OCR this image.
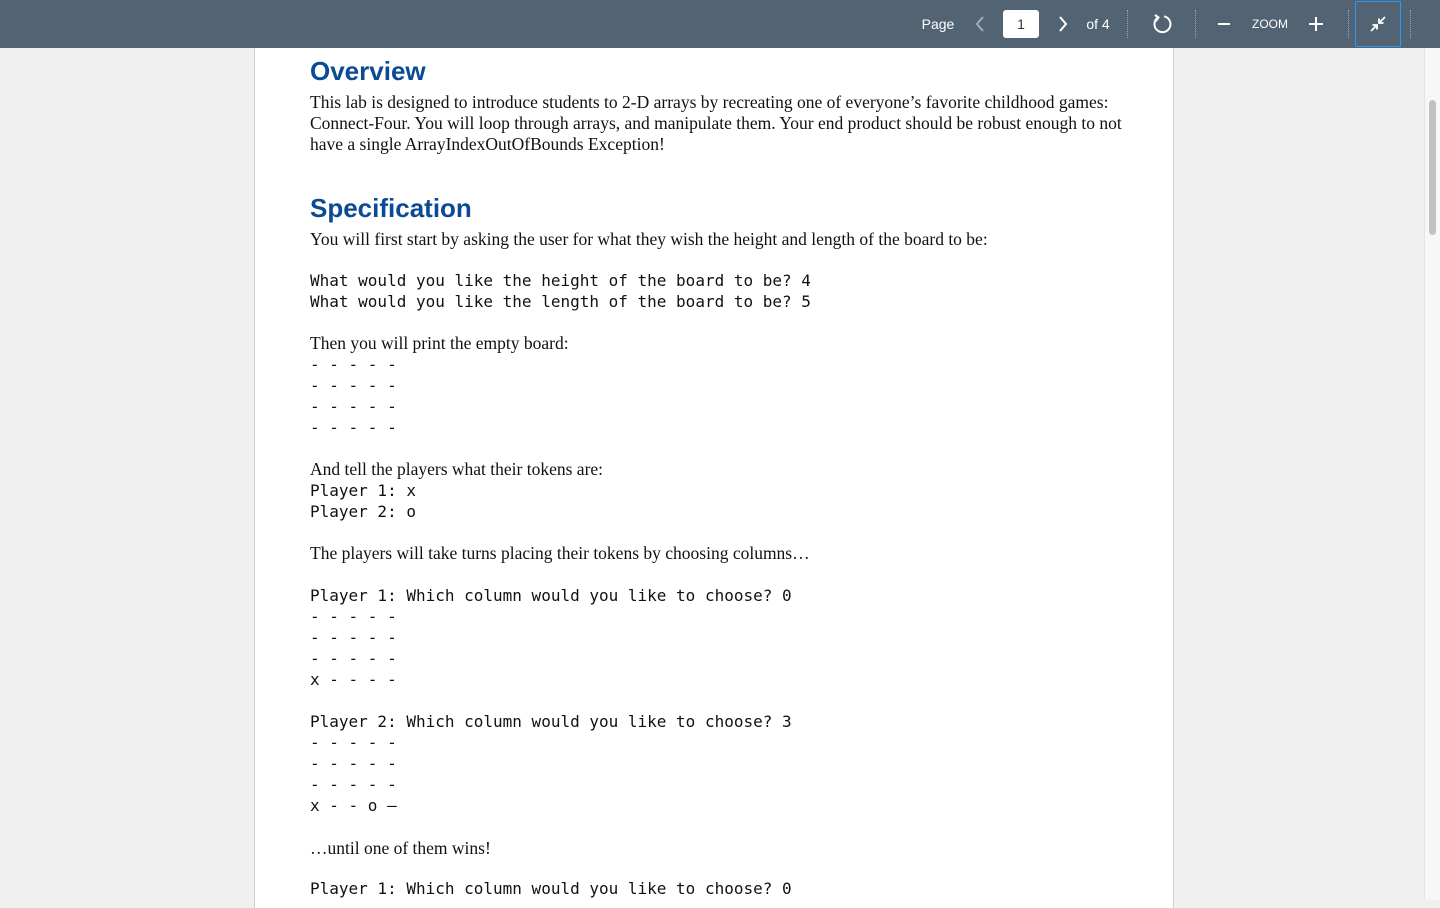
Page
1	of 4	ZOOM
Overview

This lab is designed to introduce students to 2-D arrays by recreating one of everyone’s favorite childhood games: Connect-Four. You will loop through arrays, and manipulate them. Your end product should be robust enough to not have a single ArrayIndexOutOfBounds Exception!

Specification

You will first start by asking the user for what they wish the height and length of the board to be:

What would you like the height of the board to be? 4
What would you like the length of the board to be? 5

Then you will print the empty board:

- - - - -
- - - - -
- - - - -
- - - - -

And tell the players what their tokens are:

Player 1: x
Player 2: o

The players will take turns placing their tokens by choosing columns…

Player 1: Which column would you like to choose? 0
- - - - -
- - - - -
- - - - -
x - - - -
Player 2: Which column would you like to choose? 3
- - - - -
- - - - -
- - - - -
x - - o –

…until one of them wins!

Player 1: Which column would you like to choose? 0
